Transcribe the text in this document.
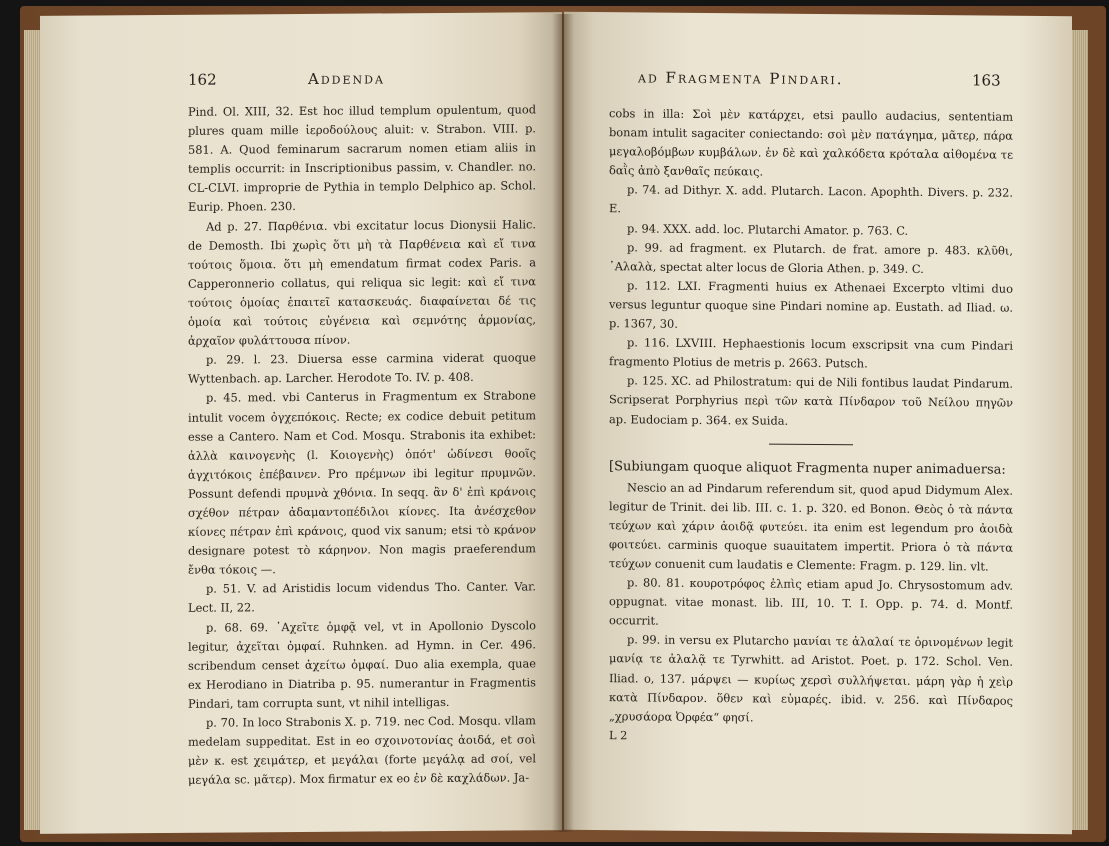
162	Addenda

Pind. Ol. XIII, 32. Est hoc illud templum opulentum, quod plures quam mille ἱεροδούλους aluit: v. Strabon. VIII. p. 581. A. Quod feminarum sacrarum nomen etiam aliis in templis occurrit: in Inscriptionibus passim, v. Chandler. no. CL-CLVI. improprie de Pythia in templo Delphico ap. Schol. Eurip. Phoen. 230.

Ad p. 27. Παρθένια. vbi excitatur locus Dionysii Halic. de Demosth. Ibi χωρὶς ὅτι μὴ τὰ Παρθένεια καὶ εἴ τινα τούτοις ὅμοια. ὅτι μὴ emendatum firmat codex Paris. a Capperonnerio collatus, qui reliqua sic legit: καὶ εἴ τινα τούτοις ὁμοίας ἐπαιτεῖ κατασκευάς. διαφαίνεται δέ τις ὁμοία καὶ τούτοις εὐγένεια καὶ σεμνότης ἁρμονίας, ἀρχαῖον φυλάττουσα πίνον.

p. 29. l. 23. Diuersa esse carmina viderat quoque Wyttenbach. ap. Larcher. Herodote To. IV. p. 408.

p. 45. med. vbi Canterus in Fragmentum ex Strabone intulit vocem ὀγχεπόκοις. Recte; ex codice debuit petitum esse a Cantero. Nam et Cod. Mosqu. Strabonis ita exhibet: ἀλλὰ καινογενὴς (l. Κοιογενὴς) ὁπότ' ὠδίνεσι θοοῖς ἀγχιτόκοις ἐπέβαινεν. Pro πρέμνων ibi legitur πρυμνῶν. Possunt defendi πρυμνὰ χθόνια. In seqq. ἂν δ' ἐπὶ κράνοις σχέθον πέτραν ἀδαμαντοπέδιλοι κίονες. Ita ἀνέσχεθον κίονες πέτραν ἐπὶ κράνοις, quod vix sanum; etsi τὸ κράνον designare potest τὸ κάρηνον. Non magis praeferendum ἔνθα τόκοις —.

p. 51. V. ad Aristidis locum videndus Tho. Canter. Var. Lect. II, 22.

p. 68. 69. ᾿Αχεῖτε ὀμφᾷ vel, vt in Apollonio Dyscolo legitur, ἀχεῖται ὀμφαί. Ruhnken. ad Hymn. in Cer. 496. scribendum censet ἀχείτω ὀμφαί. Duo alia exempla, quae ex Herodiano in Diatriba p. 95. numerantur in Fragmentis Pindari, tam corrupta sunt, vt nihil intelligas.

p. 70. In loco Strabonis X. p. 719. nec Cod. Mosqu. vllam medelam suppeditat. Est in eo σχοινοτονίας ἀοιδά, et σοὶ μὲν κ. est χειμάτερ, et μεγάλαι (forte μεγάλᾳ ad σοί, vel μεγάλα sc. μᾶτερ). Mox firmatur ex eo ἐν δὲ καχλάδων. Ja-

ad Fragmenta Pindari.	163

cobs in illa: Σοὶ μὲν κατάρχει, etsi paullo audacius, sententiam bonam intulit sagaciter coniectando: σοὶ μὲν πατάγημα, μᾶτερ, πάρα μεγαλοβόμβων κυμβάλων. ἐν δὲ καὶ χαλκόδετα κρόταλα αἰθομένα τε δαῒς ἀπὸ ξανθαῖς πεύκαις.

p. 74. ad Dithyr. X. add. Plutarch. Lacon. Apophth. Divers. p. 232. E.

p. 94. XXX. add. loc. Plutarchi Amator. p. 763. C.

p. 99. ad fragment. ex Plutarch. de frat. amore p. 483. κλῦθι, ᾿Αλαλὰ, spectat alter locus de Gloria Athen. p. 349. C.

p. 112. LXI. Fragmenti huius ex Athenaei Excerpto vltimi duo versus leguntur quoque sine Pindari nomine ap. Eustath. ad Iliad. ω. p. 1367, 30.

p. 116. LXVIII. Hephaestionis locum exscripsit vna cum Pindari fragmento Plotius de metris p. 2663. Putsch.

p. 125. XC. ad Philostratum: qui de Nili fontibus laudat Pindarum. Scripserat Porphyrius περὶ τῶν κατὰ Πίνδαρον τοῦ Νείλου πηγῶν ap. Eudociam p. 364. ex Suida.

[Subiungam quoque aliquot Fragmenta nuper animaduersa:

Nescio an ad Pindarum referendum sit, quod apud Didymum Alex. legitur de Trinit. dei lib. III. c. 1. p. 320. ed Bonon. Θεὸς ὁ τὰ πάντα τεύχων καὶ χάριν ἀοιδᾷ φυτεύει. ita enim est legendum pro ἀοιδὰ φοιτεύει. carminis quoque suauitatem impertit. Priora ὁ τὰ πάντα τεύχων conuenit cum laudatis e Clemente: Fragm. p. 129. lin. vlt.

p. 80. 81. κουροτρόφος ἐλπὶς etiam apud Jo. Chrysostomum adv. oppugnat. vitae monast. lib. III, 10. T. I. Opp. p. 74. d. Montf. occurrit.

p. 99. in versu ex Plutarcho μανίαι τε ἀλαλαί τε ὀρινομένων legit μανίᾳ τε ἀλαλᾷ τε Tyrwhitt. ad Aristot. Poet. p. 172. Schol. Ven. Iliad. ο, 137. μάρψει — κυρίως χερσὶ συλλήψεται. μάρη γὰρ ἡ χεὶρ κατὰ Πίνδαρον. ὅθεν καὶ εὐμαρές. ibid. v. 256. καὶ Πίνδαρος „χρυσάορα Ὀρφέα“ φησί.

L 2
